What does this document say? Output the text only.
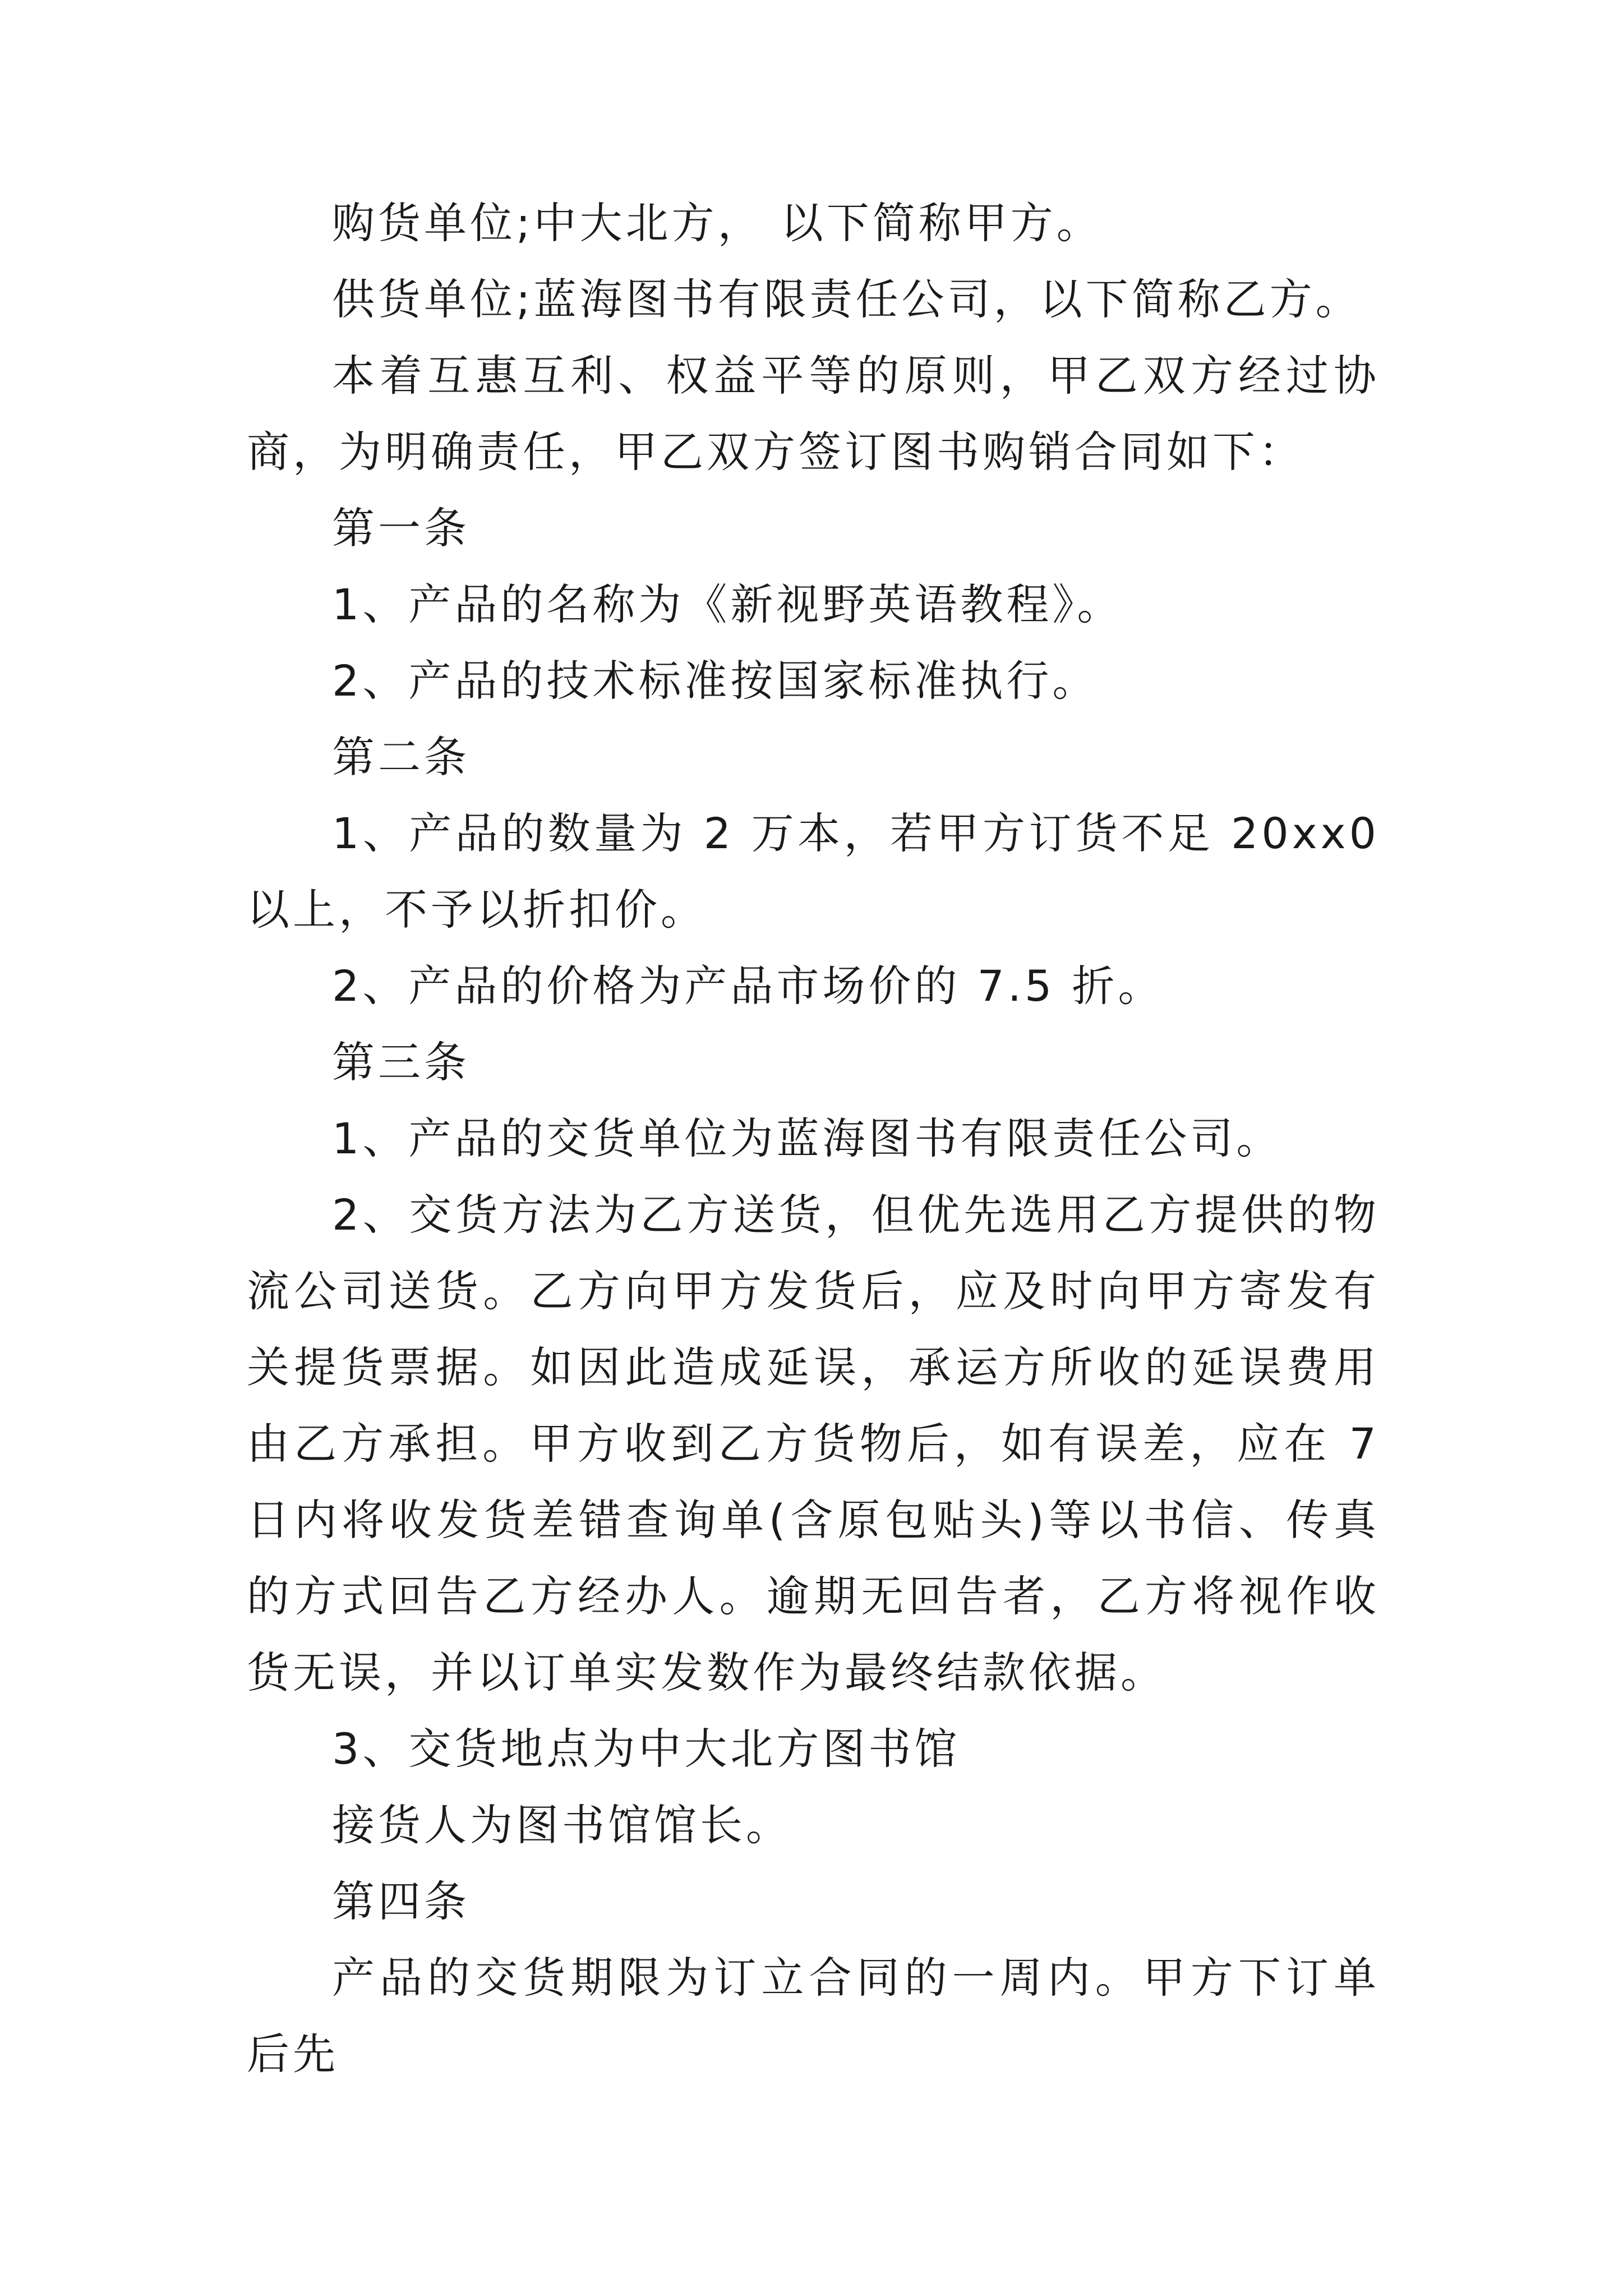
购货单位;中大北方， 以下简称甲方。

供货单位;蓝海图书有限责任公司，以下简称乙方。

本着互惠互利、权益平等的原则，甲乙双方经过协商，为明确责任，甲乙双方签订图书购销合同如下：

第一条

1、产品的名称为《新视野英语教程》。

2、产品的技术标准按国家标准执行。

第二条

1、产品的数量为 2 万本，若甲方订货不足 20xx0 以上，不予以折扣价。

2、产品的价格为产品市场价的 7.5 折。

第三条

1、产品的交货单位为蓝海图书有限责任公司。

2、交货方法为乙方送货，但优先选用乙方提供的物流公司送货。乙方向甲方发货后，应及时向甲方寄发有关提货票据。如因此造成延误，承运方所收的延误费用由乙方承担。甲方收到乙方货物后，如有误差，应在 7 日内将收发货差错查询单(含原包贴头)等以书信、传真的方式回告乙方经办人。逾期无回告者，乙方将视作收货无误，并以订单实发数作为最终结款依据。

3、交货地点为中大北方图书馆

接货人为图书馆馆长。

第四条

产品的交货期限为订立合同的一周内。甲方下订单后先
